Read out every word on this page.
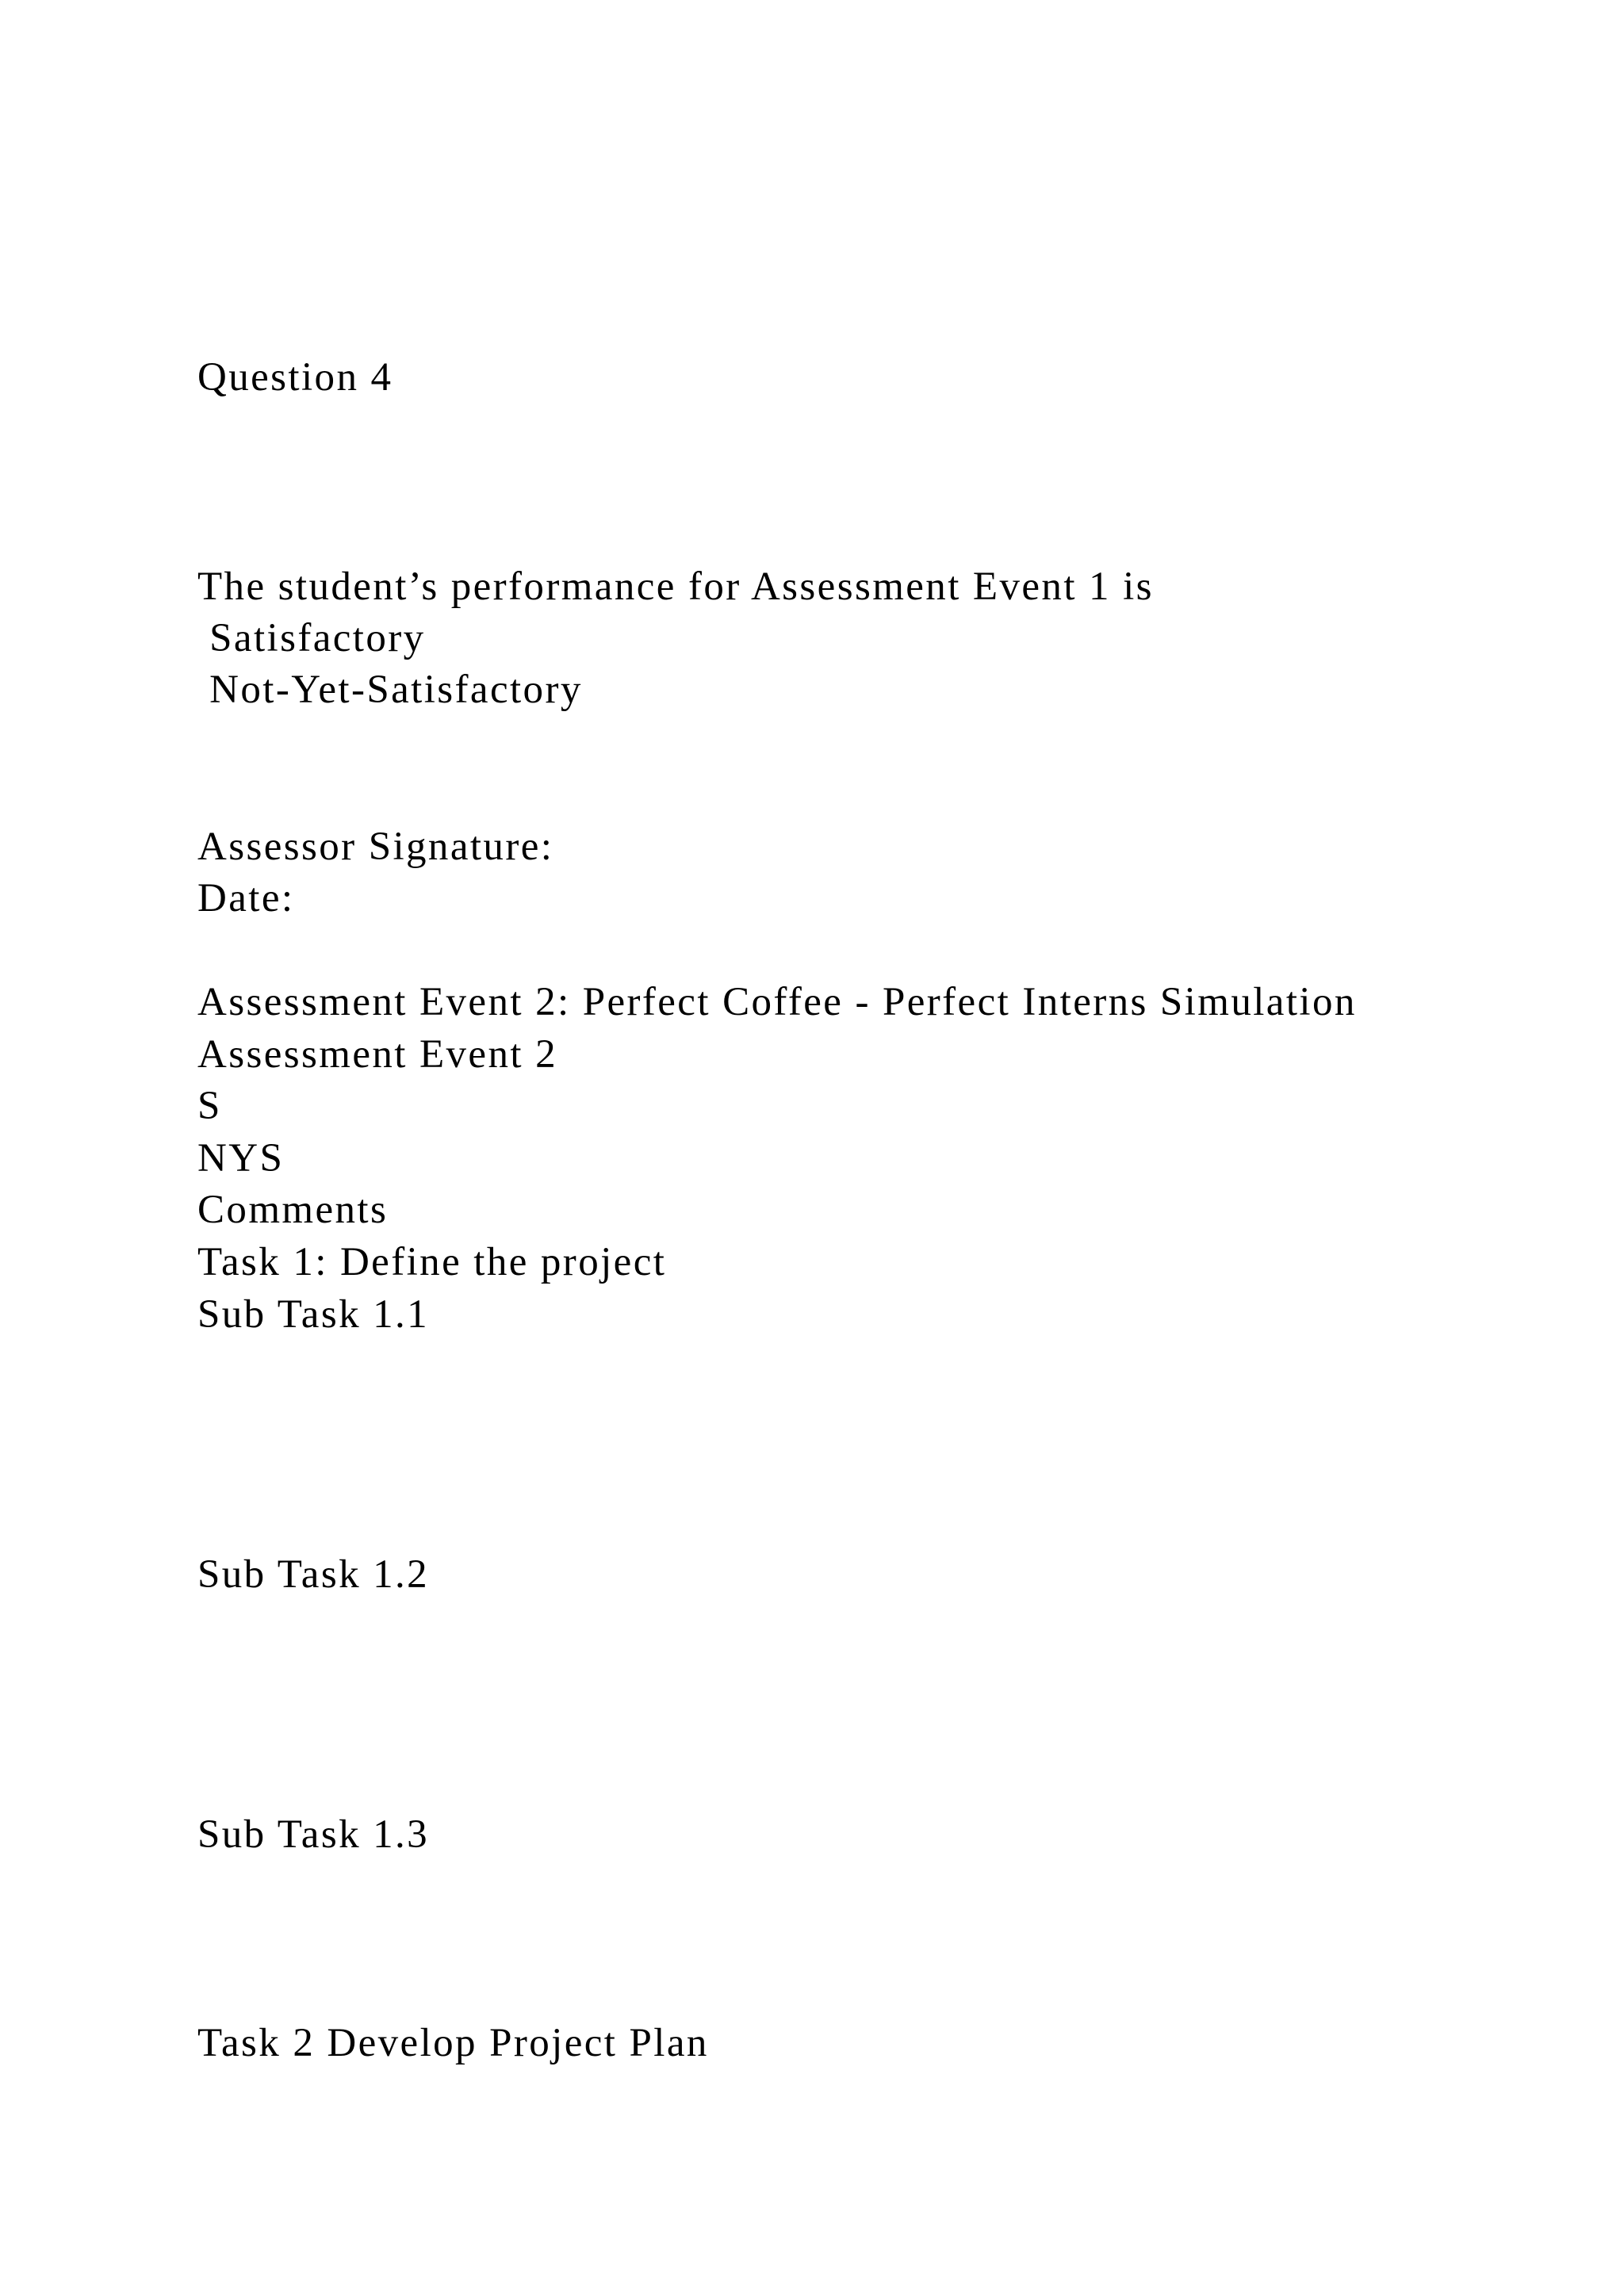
Question 4

The student’s performance for Assessment Event 1 is

Satisfactory

Not-Yet-Satisfactory

Assessor Signature:

Date:

Assessment Event 2: Perfect Coffee - Perfect Interns Simulation

Assessment Event 2

S

NYS

Comments

Task 1: Define the project

Sub Task 1.1

Sub Task 1.2

Sub Task 1.3

Task 2 Develop Project Plan
